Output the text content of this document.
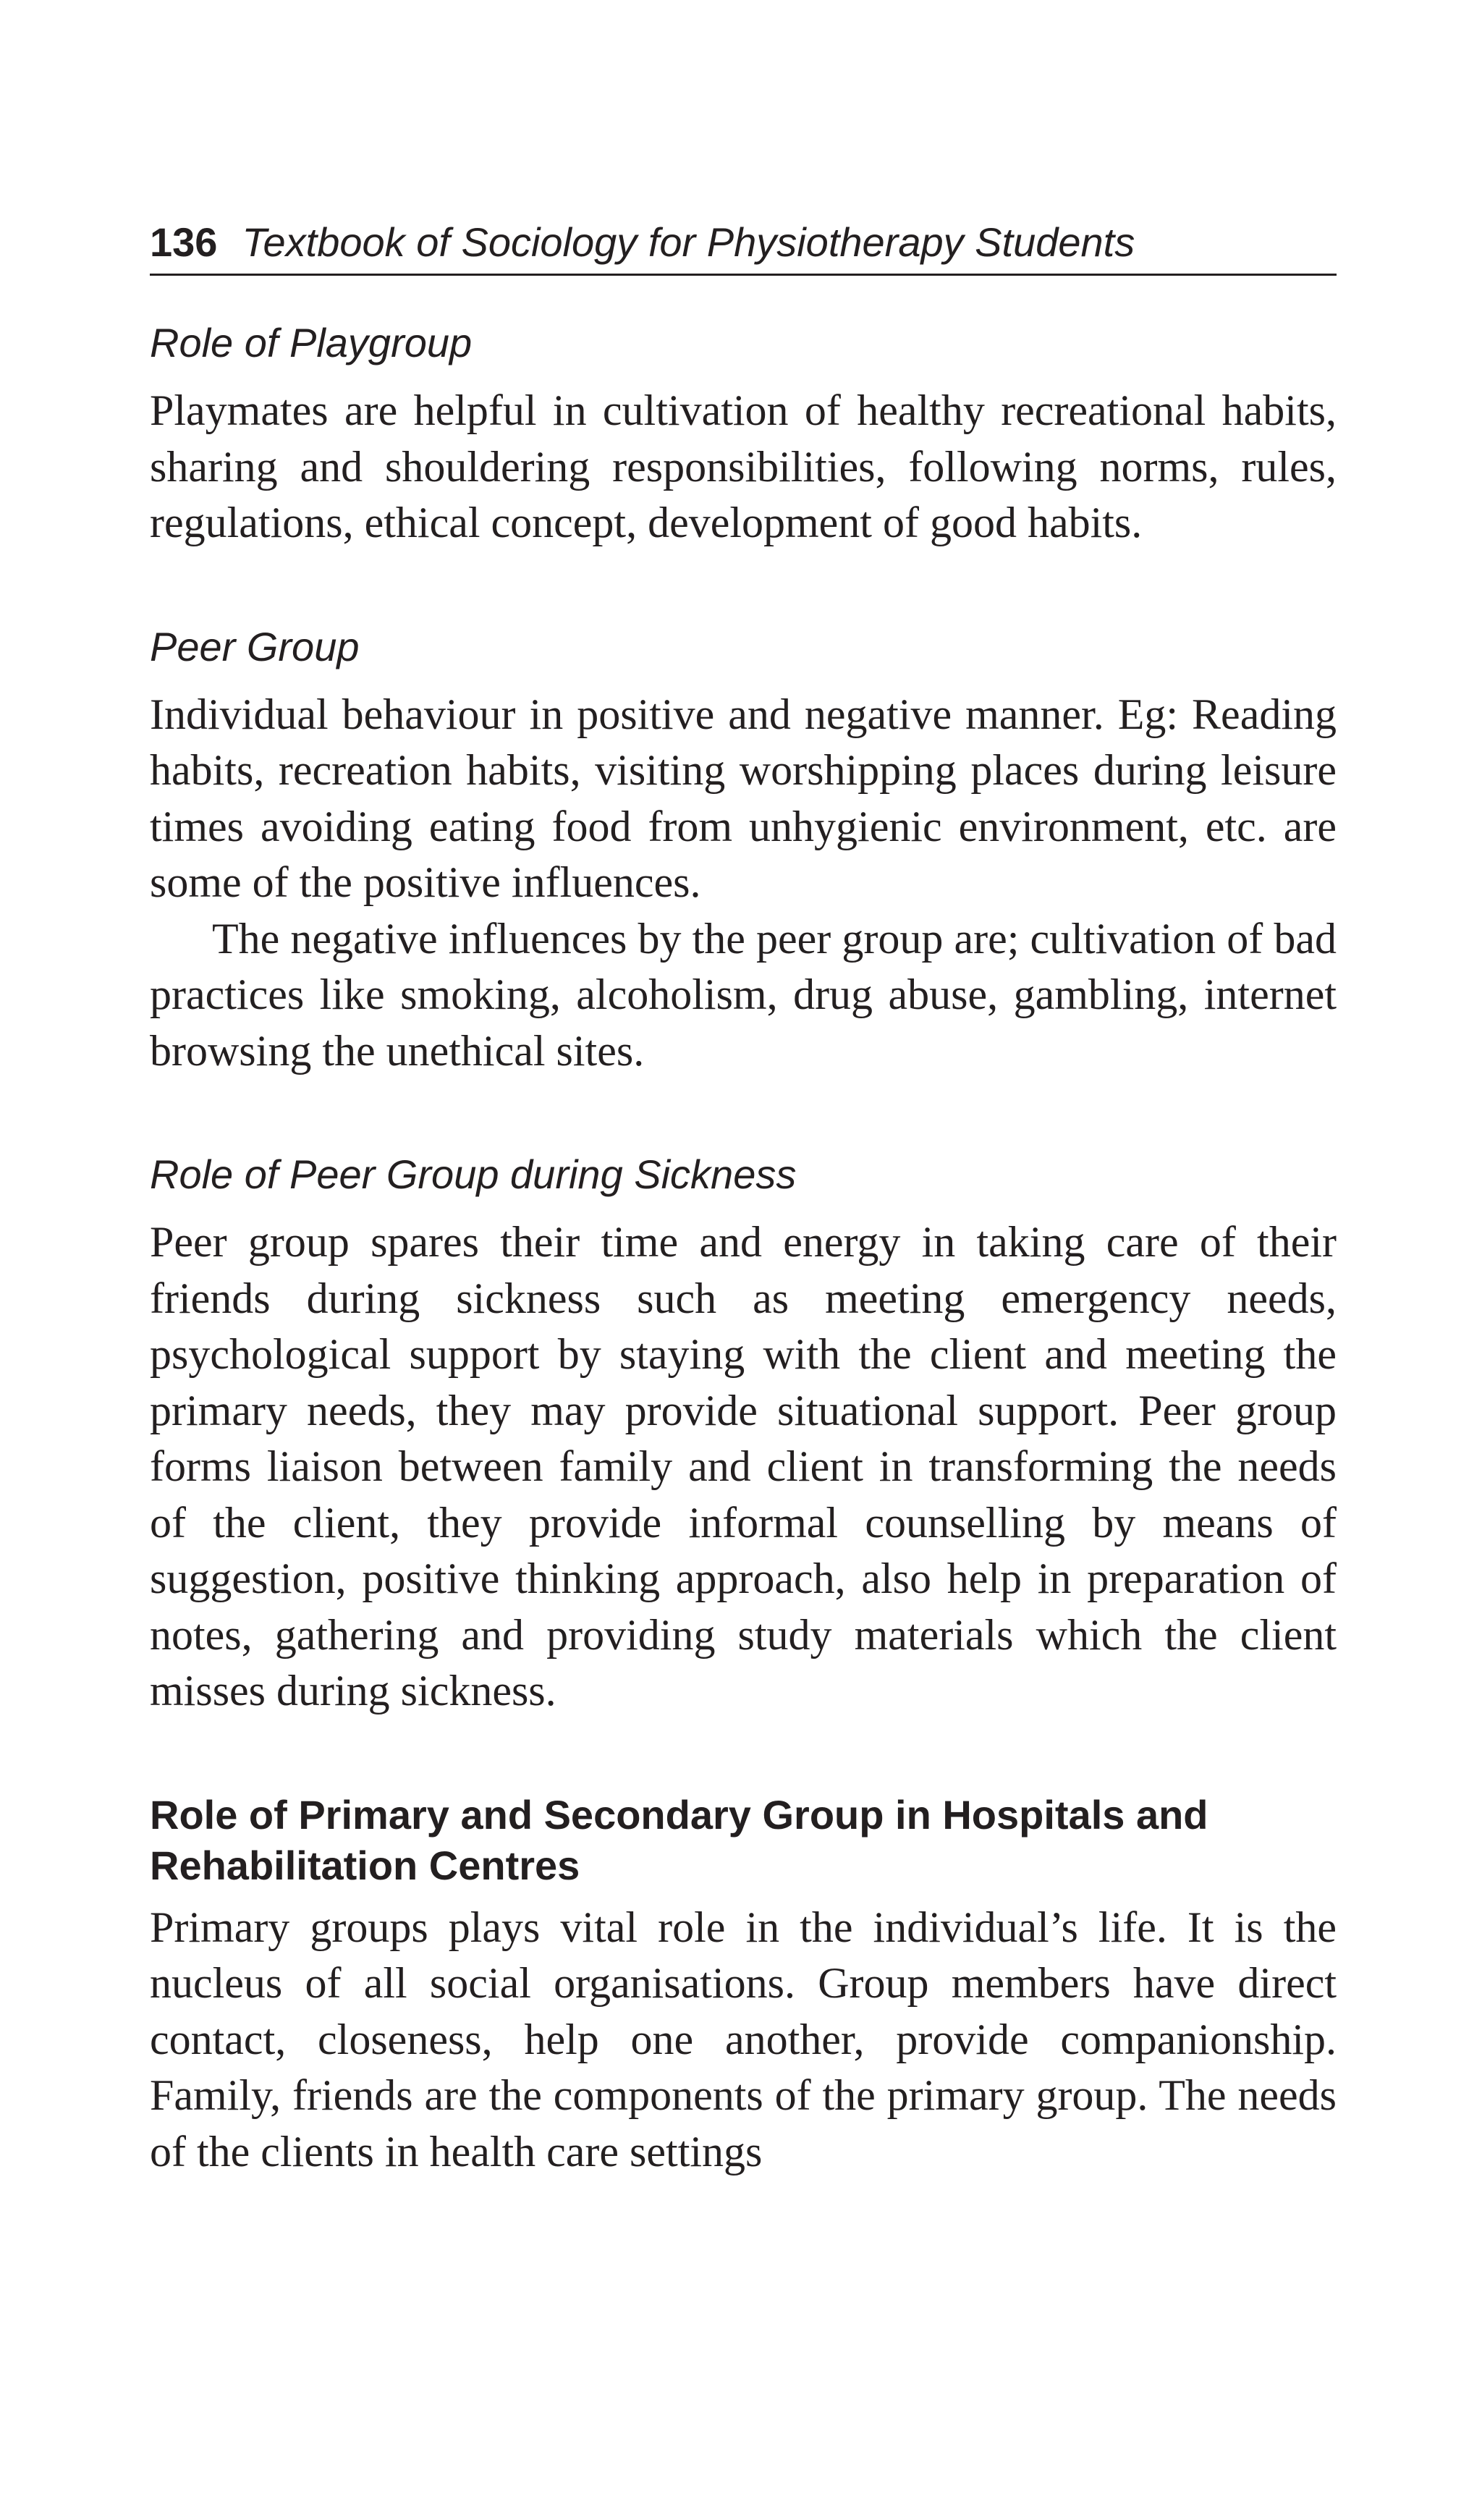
136 Textbook of Sociology for Physiotherapy Students
Role of Playgroup

Playmates are helpful in cultivation of healthy recreational habits, sharing and shouldering responsibilities, following norms, rules, regulations, ethical concept, development of good habits.

Peer Group

Individual behaviour in positive and negative manner. Eg: Reading habits, recreation habits, visiting worshipping places during leisure times avoiding eating food from unhygienic environment, etc. are some of the positive influences.

The negative influences by the peer group are; cultivation of bad practices like smoking, alcoholism, drug abuse, gambling, internet browsing the unethical sites.

Role of Peer Group during Sickness

Peer group spares their time and energy in taking care of their friends during sickness such as meeting emergency needs, psychological support by staying with the client and meeting the primary needs, they may provide situational support. Peer group forms liaison between family and client in transforming the needs of the client, they provide informal counselling by means of suggestion, positive thinking approach, also help in preparation of notes, gathering and providing study materials which the client misses during sickness.

Role of Primary and Secondary Group in Hospitals and Rehabilitation Centres

Primary groups plays vital role in the individual’s life. It is the nucleus of all social organisations. Group members have direct contact, closeness, help one another, provide companionship. Family, friends are the components of the primary group. The needs of the clients in health care settings
